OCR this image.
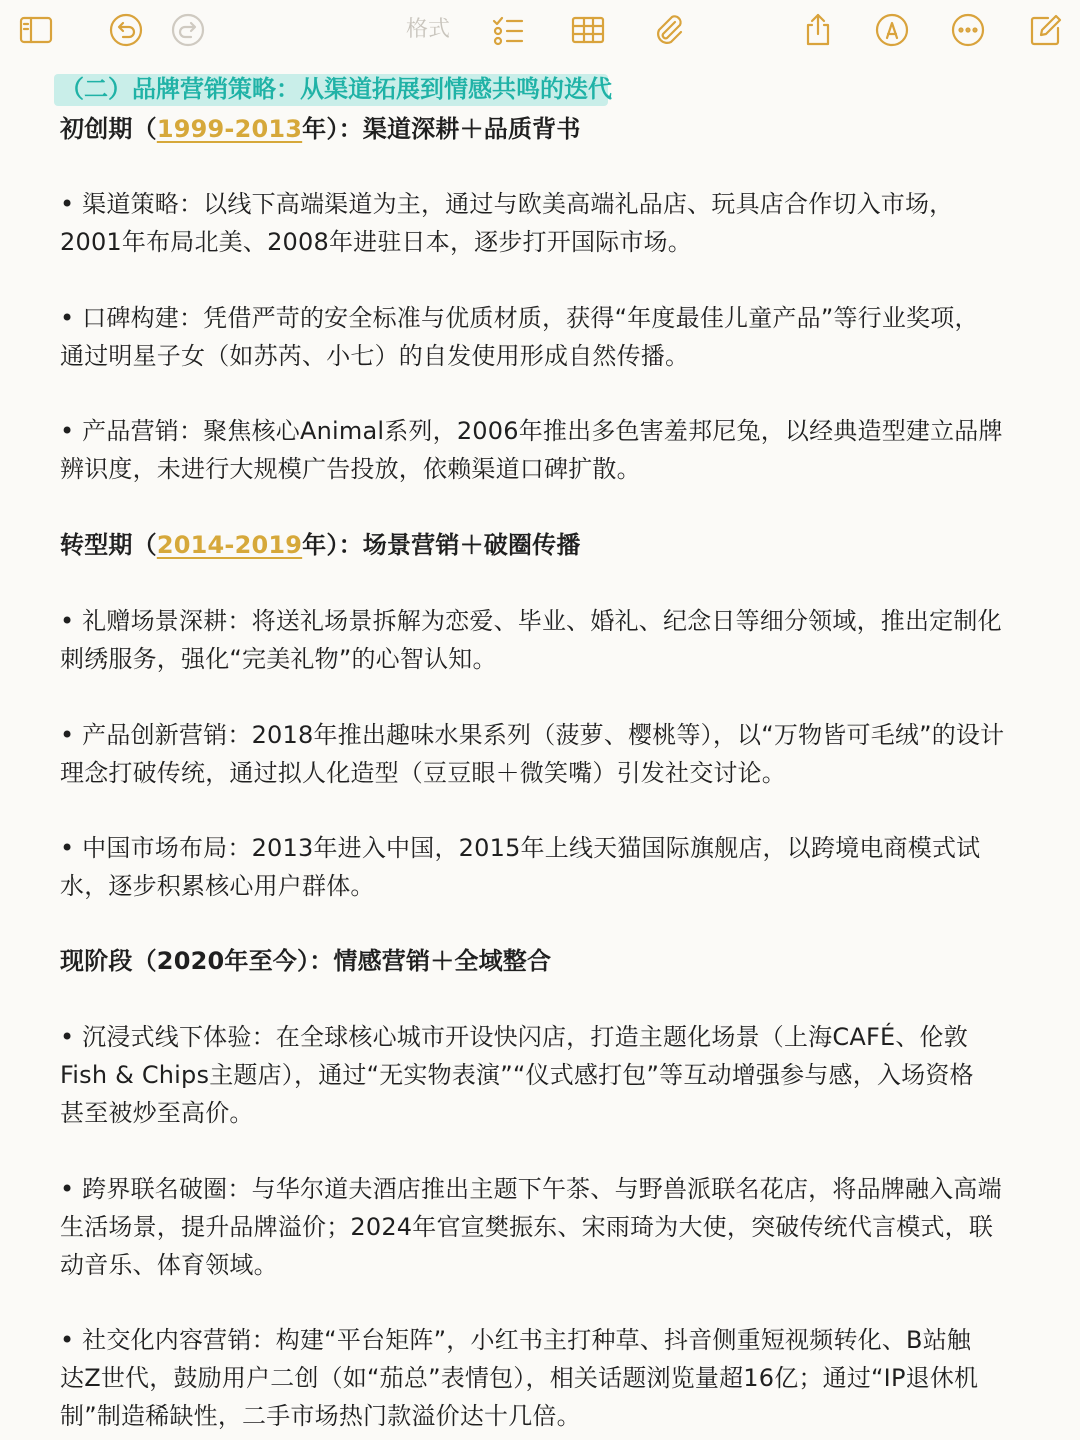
格式
（二）品牌营销策略：从渠道拓展到情感共鸣的迭代
初创期（1999-2013年）：渠道深耕＋品质背书
• 渠道策略：以线下高端渠道为主，通过与欧美高端礼品店、玩具店合作切入市场，
2001年布局北美、2008年进驻日本，逐步打开国际市场。
• 口碑构建：凭借严苛的安全标准与优质材质，获得“年度最佳儿童产品”等行业奖项，
通过明星子女（如苏芮、小七）的自发使用形成自然传播。
• 产品营销：聚焦核心Animal系列，2006年推出多色害羞邦尼兔，以经典造型建立品牌
辨识度，未进行大规模广告投放，依赖渠道口碑扩散。
转型期（2014-2019年）：场景营销＋破圈传播
• 礼赠场景深耕：将送礼场景拆解为恋爱、毕业、婚礼、纪念日等细分领域，推出定制化
刺绣服务，强化“完美礼物”的心智认知。
• 产品创新营销：2018年推出趣味水果系列（菠萝、樱桃等），以“万物皆可毛绒”的设计
理念打破传统，通过拟人化造型（豆豆眼＋微笑嘴）引发社交讨论。
• 中国市场布局：2013年进入中国，2015年上线天猫国际旗舰店，以跨境电商模式试
水，逐步积累核心用户群体。
现阶段（2020年至今）：情感营销＋全域整合
• 沉浸式线下体验：在全球核心城市开设快闪店，打造主题化场景（上海CAFÉ、伦敦
Fish & Chips主题店），通过“无实物表演”“仪式感打包”等互动增强参与感，入场资格
甚至被炒至高价。
• 跨界联名破圈：与华尔道夫酒店推出主题下午茶、与野兽派联名花店，将品牌融入高端
生活场景，提升品牌溢价；2024年官宣樊振东、宋雨琦为大使，突破传统代言模式，联
动音乐、体育领域。
• 社交化内容营销：构建“平台矩阵”，小红书主打种草、抖音侧重短视频转化、B站触
达Z世代，鼓励用户二创（如“茄总”表情包），相关话题浏览量超16亿；通过“IP退休机
制”制造稀缺性，二手市场热门款溢价达十几倍。
